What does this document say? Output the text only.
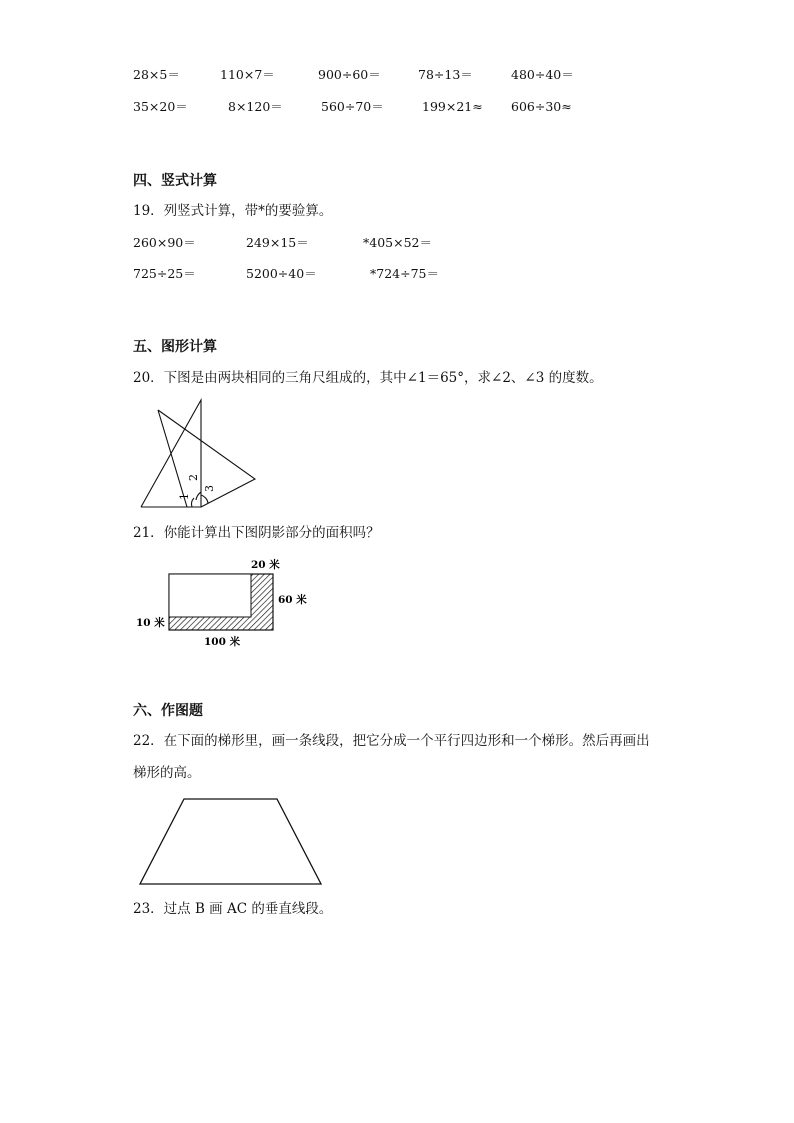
28×5＝	110×7＝	900÷60＝	78÷13＝	480÷40＝
35×20＝	8×120＝	560÷70＝	199×21≈ 606÷30≈
四、竖式计算
19．列竖式计算，带*的要验算。
260×90＝	249×15＝	*405×52＝
725÷25＝	5200÷40＝	*724÷75＝
五、图形计算
20．下图是由两块相同的三角尺组成的，其中∠1＝65°，求∠2、∠3 的度数。
1
2
3
21．你能计算出下图阴影部分的面积吗？
20 米
60 米
10 米
100 米
六、作图题
22．在下面的梯形里，画一条线段，把它分成一个平行四边形和一个梯形。然后再画出
梯形的高。
23．过点 B 画 AC 的垂直线段。
